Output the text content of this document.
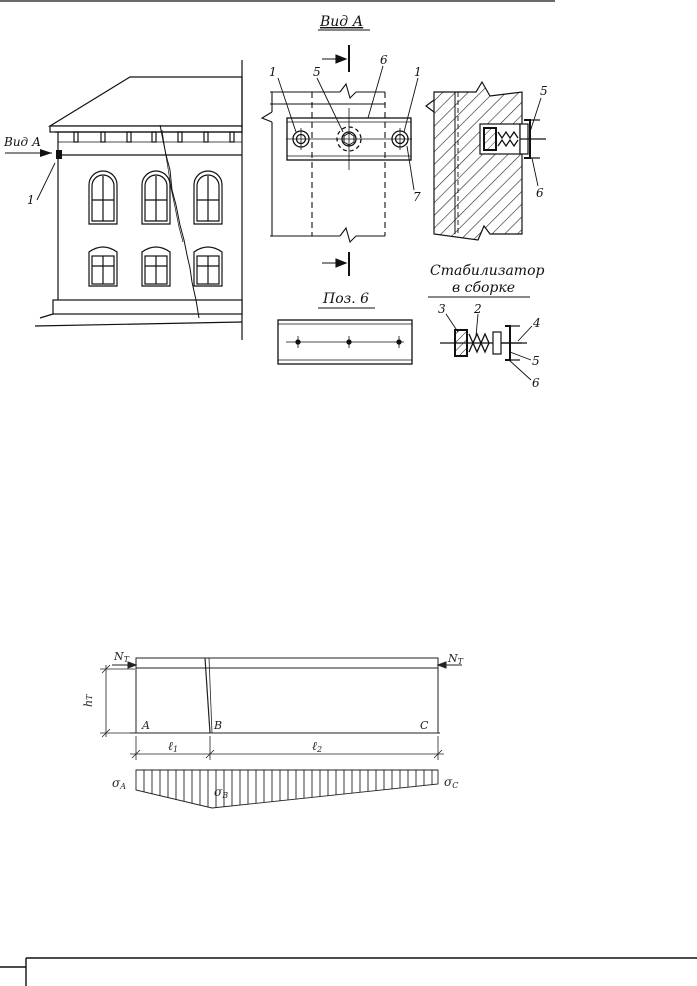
Вид А
1
Вид А
1	5
6
1
7
5
6
Поз. 6
Стабилизатор
в сборке
3 2
4
5
6
NT	NT
hT
A	B	C
ℓ1	ℓ2
σA	σB
σC
